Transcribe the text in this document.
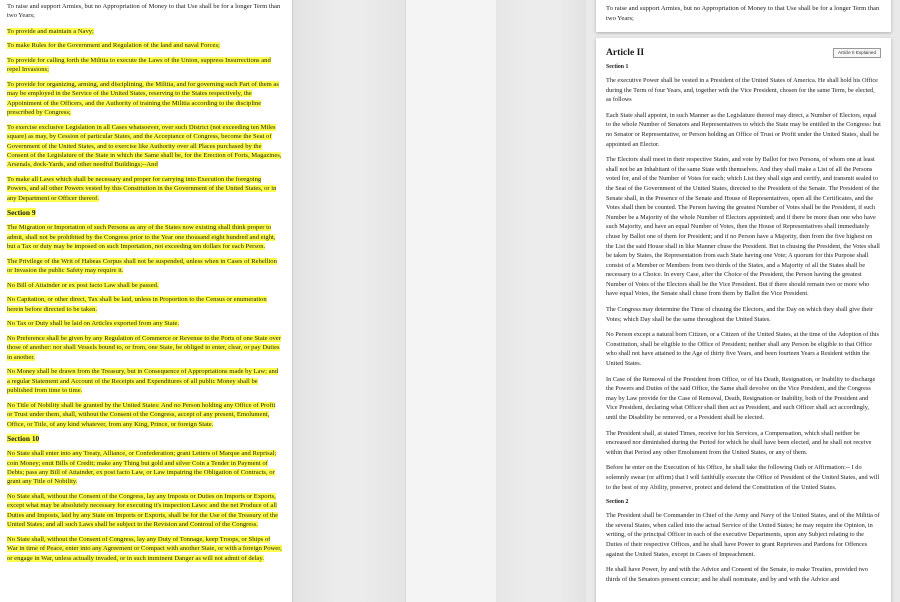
To raise and support Armies, but no Appropriation of Money to that Use shall be for a longer Term than two Years;

To provide and maintain a Navy;

To make Rules for the Government and Regulation of the land and naval Forces;

To provide for calling forth the Militia to execute the Laws of the Union, suppress Insurrections and repel Invasions;

To provide for organizing, arming, and disciplining, the Militia, and for governing such Part of them as may be employed in the Service of the United States, reserving to the States respectively, the Appointment of the Officers, and the Authority of training the Militia according to the discipline prescribed by Congress;

To exercise exclusive Legislation in all Cases whatsoever, over such District (not exceeding ten Miles square) as may, by Cession of particular States, and the Acceptance of Congress, become the Seat of Government of the United States, and to exercise like Authority over all Places purchased by the Consent of the Legislature of the State in which the Same shall be, for the Erection of Forts, Magazines, Arsenals, dock-Yards, and other needful Buildings;--And

To make all Laws which shall be necessary and proper for carrying into Execution the foregoing Powers, and all other Powers vested by this Constitution in the Government of the United States, or in any Department or Officer thereof.

Section 9

The Migration or Importation of such Persons as any of the States now existing shall think proper to admit, shall not be prohibited by the Congress prior to the Year one thousand eight hundred and eight, but a Tax or duty may be imposed on such Importation, not exceeding ten dollars for each Person.

The Privilege of the Writ of Habeas Corpus shall not be suspended, unless when in Cases of Rebellion or Invasion the public Safety may require it.

No Bill of Attainder or ex post facto Law shall be passed.

No Capitation, or other direct, Tax shall be laid, unless in Proportion to the Census or enumeration herein before directed to be taken.

No Tax or Duty shall be laid on Articles exported from any State.

No Preference shall be given by any Regulation of Commerce or Revenue to the Ports of one State over those of another: nor shall Vessels bound to, or from, one State, be obliged to enter, clear, or pay Duties in another.

No Money shall be drawn from the Treasury, but in Consequence of Appropriations made by Law; and a regular Statement and Account of the Receipts and Expenditures of all public Money shall be published from time to time.

No Title of Nobility shall be granted by the United States: And no Person holding any Office of Profit or Trust under them, shall, without the Consent of the Congress, accept of any present, Emolument, Office, or Title, of any kind whatever, from any King, Prince, or foreign State.

Section 10

No State shall enter into any Treaty, Alliance, or Confederation; grant Letters of Marque and Reprisal; coin Money; emit Bills of Credit; make any Thing but gold and silver Coin a Tender in Payment of Debts; pass any Bill of Attainder, ex post facto Law, or Law impairing the Obligation of Contracts, or grant any Title of Nobility.

No State shall, without the Consent of the Congress, lay any Imposts or Duties on Imports or Exports, except what may be absolutely necessary for executing it's inspection Laws: and the net Produce of all Duties and Imposts, laid by any State on Imports or Exports, shall be for the Use of the Treasury of the United States; and all such Laws shall be subject to the Revision and Controul of the Congress.

No State shall, without the Consent of Congress, lay any Duty of Tonnage, keep Troops, or Ships of War in time of Peace, enter into any Agreement or Compact with another State, or with a foreign Power, or engage in War, unless actually invaded, or in such imminent Danger as will not admit of delay.

To raise and support Armies, but no Appropriation of Money to that Use shall be for a longer Term than two Years;

Article II	Article II Explained
Section 1

The executive Power shall be vested in a President of the United States of America. He shall hold his Office during the Term of four Years, and, together with the Vice President, chosen for the same Term, be elected, as follows

Each State shall appoint, in such Manner as the Legislature thereof may direct, a Number of Electors, equal to the whole Number of Senators and Representatives to which the State may be entitled in the Congress: but no Senator or Representative, or Person holding an Office of Trust or Profit under the United States, shall be appointed an Elector.

The Electors shall meet in their respective States, and vote by Ballot for two Persons, of whom one at least shall not be an Inhabitant of the same State with themselves. And they shall make a List of all the Persons voted for, and of the Number of Votes for each; which List they shall sign and certify, and transmit sealed to the Seat of the Government of the United States, directed to the President of the Senate. The President of the Senate shall, in the Presence of the Senate and House of Representatives, open all the Certificates, and the Votes shall then be counted. The Person having the greatest Number of Votes shall be the President, if such Number be a Majority of the whole Number of Electors appointed; and if there be more than one who have such Majority, and have an equal Number of Votes, then the House of Representatives shall immediately chuse by Ballot one of them for President; and if no Person have a Majority, then from the five highest on the List the said House shall in like Manner chuse the President. But in chusing the President, the Votes shall be taken by States, the Representation from each State having one Vote; A quorum for this Purpose shall consist of a Member or Members from two thirds of the States, and a Majority of all the States shall be necessary to a Choice. In every Case, after the Choice of the President, the Person having the greatest Number of Votes of the Electors shall be the Vice President. But if there should remain two or more who have equal Votes, the Senate shall chuse from them by Ballot the Vice President.

The Congress may determine the Time of chusing the Electors, and the Day on which they shall give their Votes; which Day shall be the same throughout the United States.

No Person except a natural born Citizen, or a Citizen of the United States, at the time of the Adoption of this Constitution, shall be eligible to the Office of President; neither shall any Person be eligible to that Office who shall not have attained to the Age of thirty five Years, and been fourteen Years a Resident within the United States.

In Case of the Removal of the President from Office, or of his Death, Resignation, or Inability to discharge the Powers and Duties of the said Office, the Same shall devolve on the Vice President, and the Congress may by Law provide for the Case of Removal, Death, Resignation or Inability, both of the President and Vice President, declaring what Officer shall then act as President, and such Officer shall act accordingly, until the Disability be removed, or a President shall be elected.

The President shall, at stated Times, receive for his Services, a Compensation, which shall neither be encreased nor diminished during the Period for which he shall have been elected, and he shall not receive within that Period any other Emolument from the United States, or any of them.

Before he enter on the Execution of his Office, he shall take the following Oath or Affirmation:-- I do solemnly swear (or affirm) that I will faithfully execute the Office of President of the United States, and will to the best of my Ability, preserve, protect and defend the Constitution of the United States.

Section 2

The President shall be Commander in Chief of the Army and Navy of the United States, and of the Militia of the several States, when called into the actual Service of the United States; he may require the Opinion, in writing, of the principal Officer in each of the executive Departments, upon any Subject relating to the Duties of their respective Offices, and he shall have Power to grant Reprieves and Pardons for Offences against the United States, except in Cases of Impeachment.

He shall have Power, by and with the Advice and Consent of the Senate, to make Treaties, provided two thirds of the Senators present concur; and he shall nominate, and by and with the Advice and
